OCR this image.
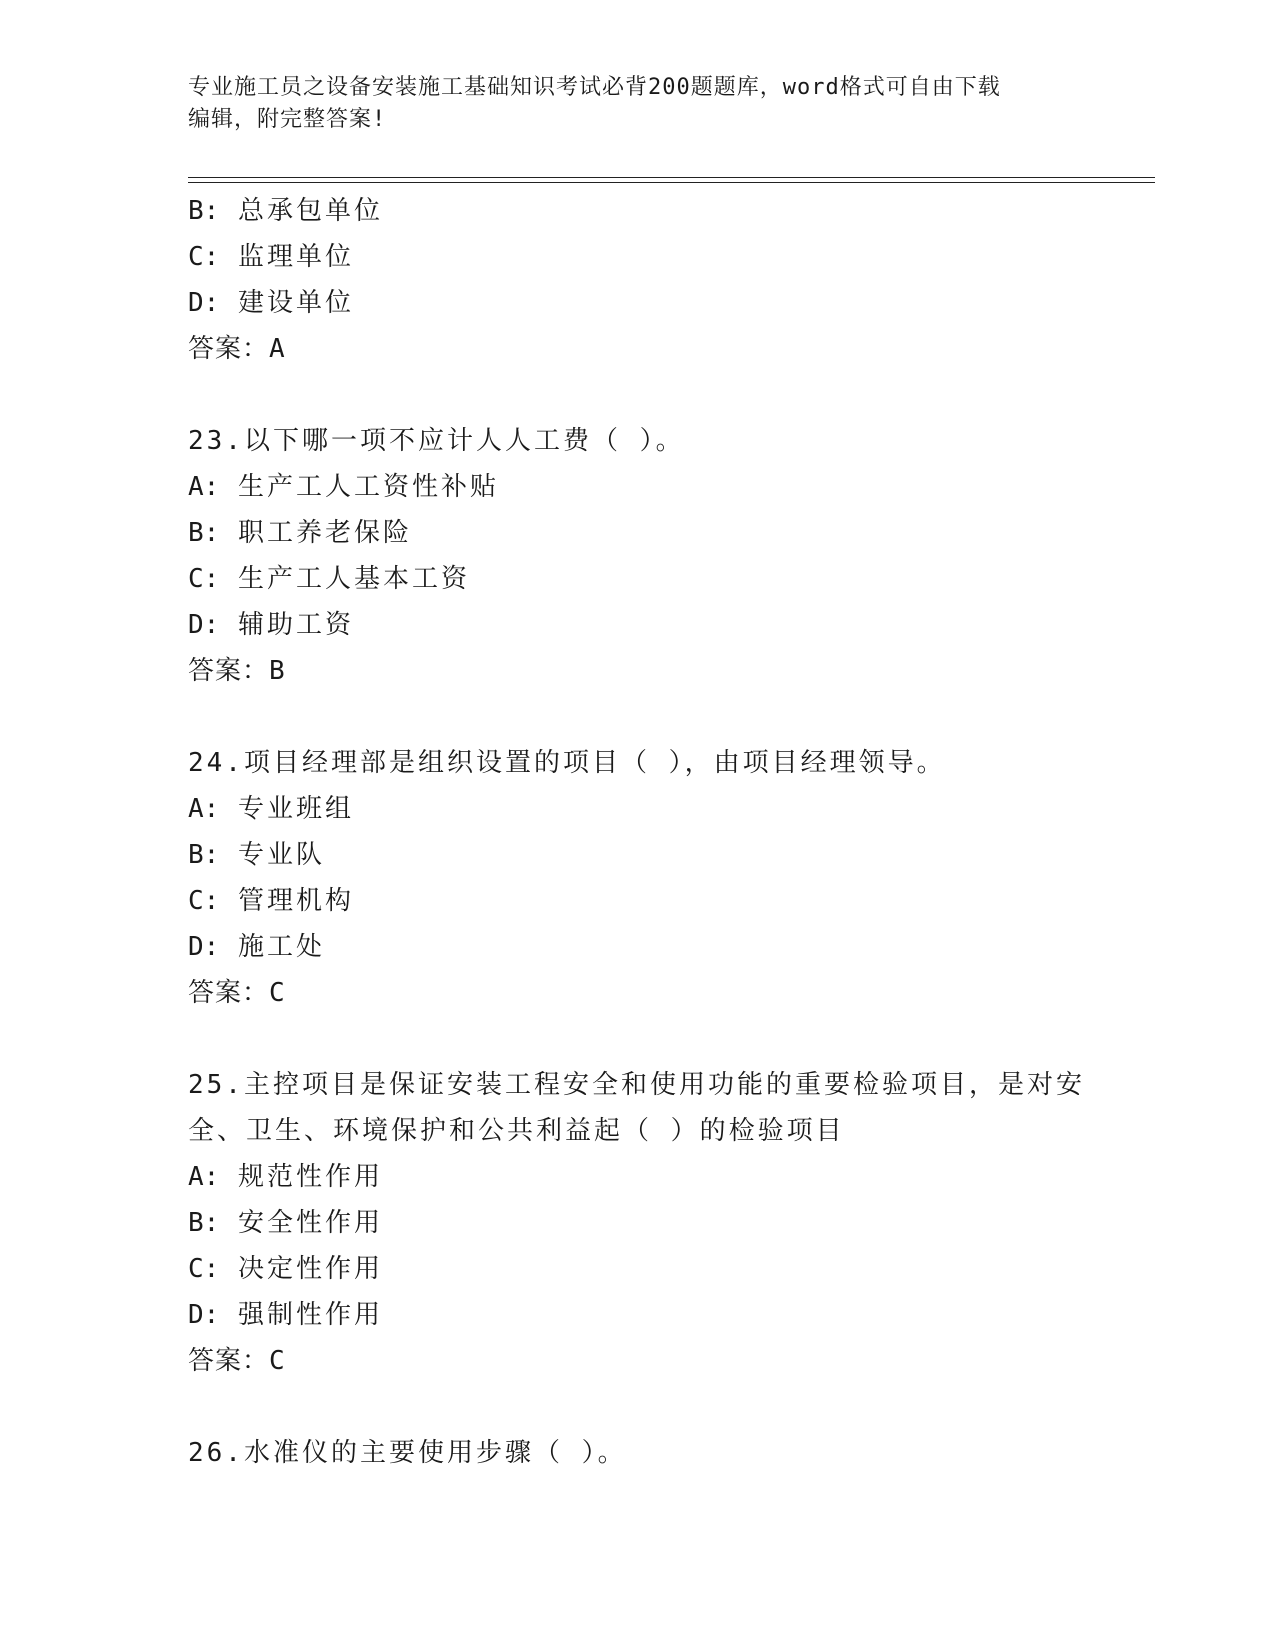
专业施工员之设备安装施工基础知识考试必背200题题库，word格式可自由下载
编辑，附完整答案!
B: 总承包单位
C: 监理单位
D: 建设单位
答案：A
23.以下哪一项不应计人人工费（ ）。
A: 生产工人工资性补贴
B: 职工养老保险
C: 生产工人基本工资
D: 辅助工资
答案：B
24.项目经理部是组织设置的项目（ ），由项目经理领导。
A: 专业班组
B: 专业队
C: 管理机构
D: 施工处
答案：C
25.主控项目是保证安装工程安全和使用功能的重要检验项目，是对安
全、卫生、环境保护和公共利益起（ ）的检验项目
A: 规范性作用
B: 安全性作用
C: 决定性作用
D: 强制性作用
答案：C
26.水准仪的主要使用步骤（ ）。
